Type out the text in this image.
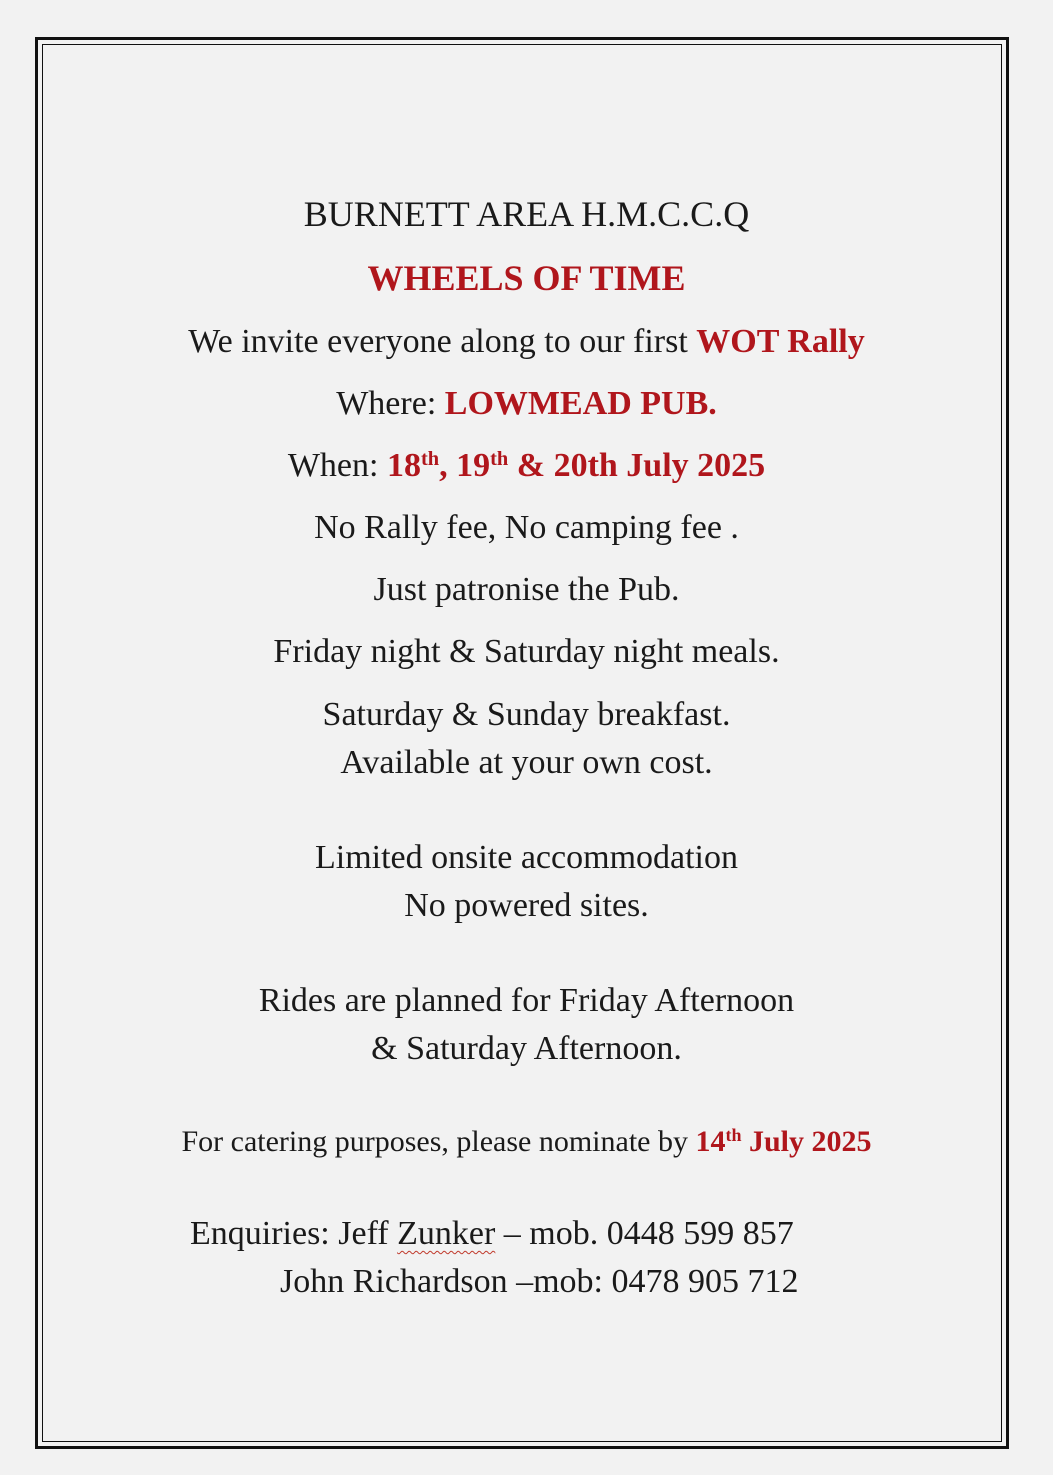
BURNETT AREA H.M.C.C.Q
WHEELS OF TIME
We invite everyone along to our first WOT Rally
Where: LOWMEAD PUB.
When: 18th, 19th & 20th July 2025
No Rally fee, No camping fee .
Just patronise the Pub.
Friday night & Saturday night meals.
Saturday & Sunday breakfast.
Available at your own cost.
Limited onsite accommodation
No powered sites.
Rides are planned for Friday Afternoon
& Saturday Afternoon.
For catering purposes, please nominate by 14th July 2025
Enquiries: Jeff Zunker – mob. 0448 599 857
John Richardson –mob: 0478 905 712
